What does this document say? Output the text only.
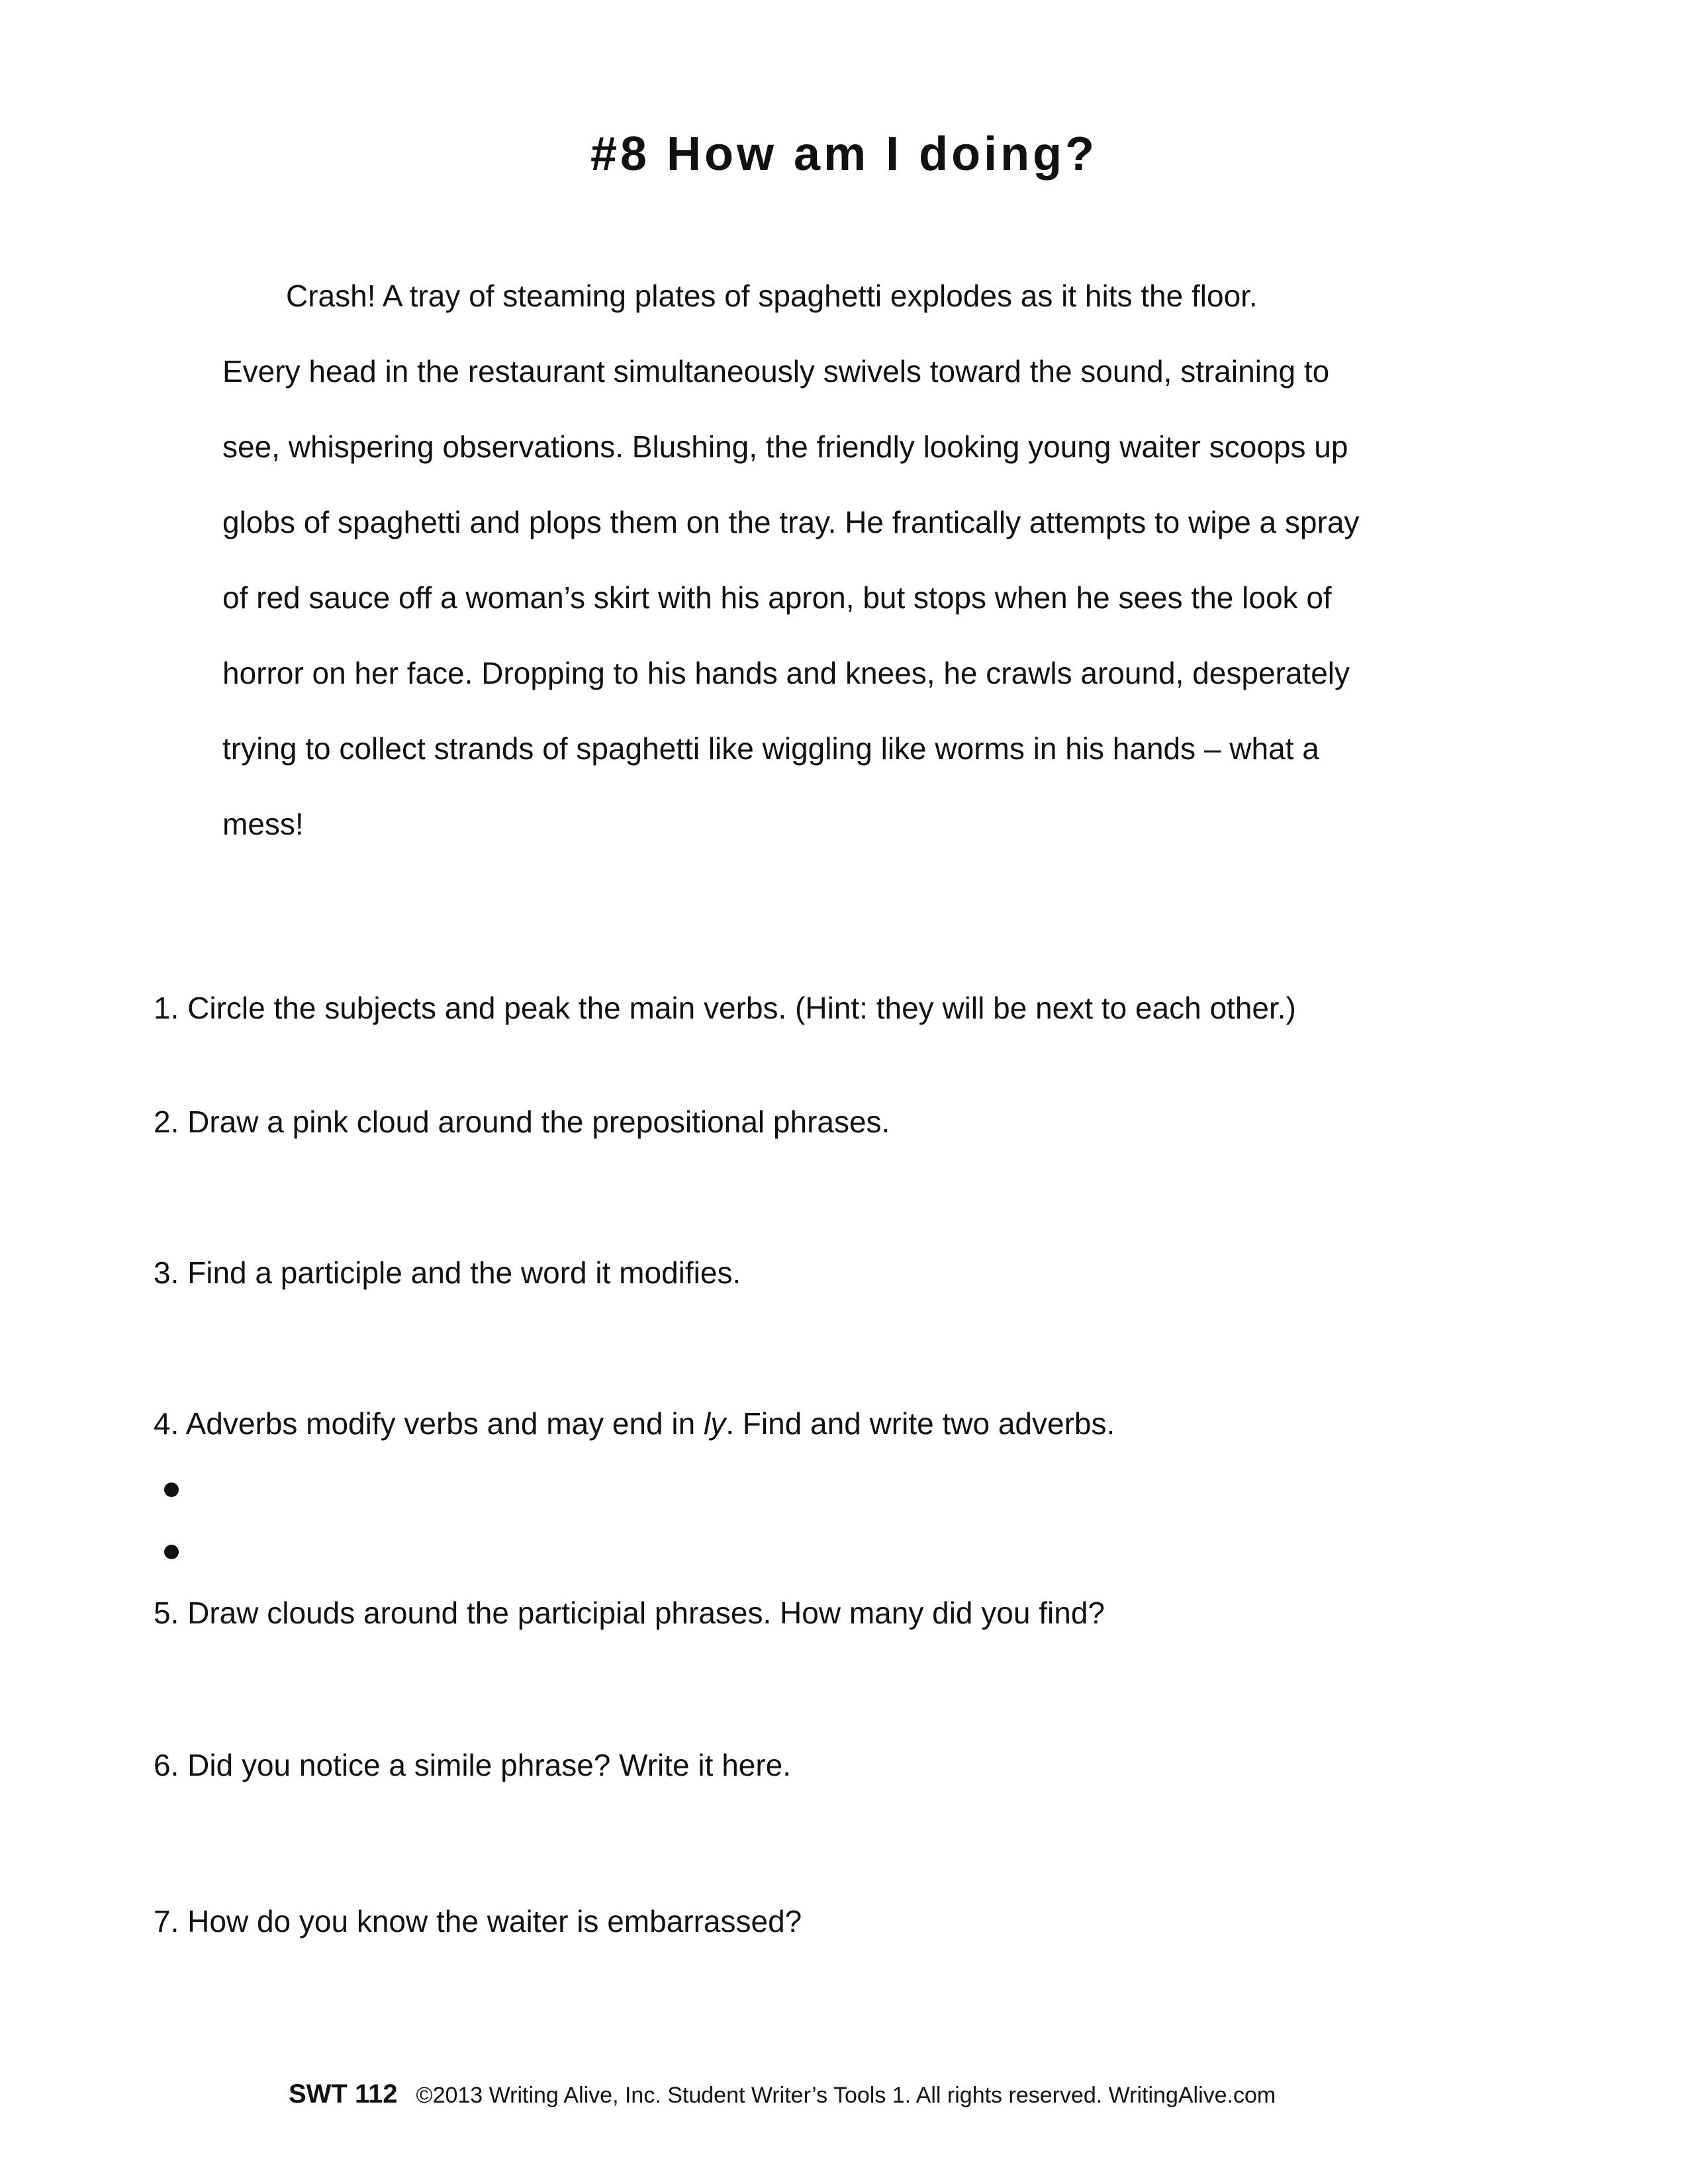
#8 How am I doing?
Crash! A tray of steaming plates of spaghetti explodes as it hits the floor.
Every head in the restaurant simultaneously swivels toward the sound, straining to
see, whispering observations. Blushing, the friendly looking young waiter scoops up
globs of spaghetti and plops them on the tray. He frantically attempts to wipe a spray
of red sauce off a woman’s skirt with his apron, but stops when he sees the look of
horror on her face. Dropping to his hands and knees, he crawls around, desperately
trying to collect strands of spaghetti like wiggling like worms in his hands – what a
mess!
1. Circle the subjects and peak the main verbs. (Hint: they will be next to each other.)
2. Draw a pink cloud around the prepositional phrases.
3. Find a participle and the word it modifies.
4. Adverbs modify verbs and may end in ly. Find and write two adverbs.
5. Draw clouds around the participial phrases. How many did you find?
6. Did you notice a simile phrase? Write it here.
7. How do you know the waiter is embarrassed?
SWT 112 ©2013 Writing Alive, Inc. Student Writer’s Tools 1. All rights reserved. WritingAlive.com
